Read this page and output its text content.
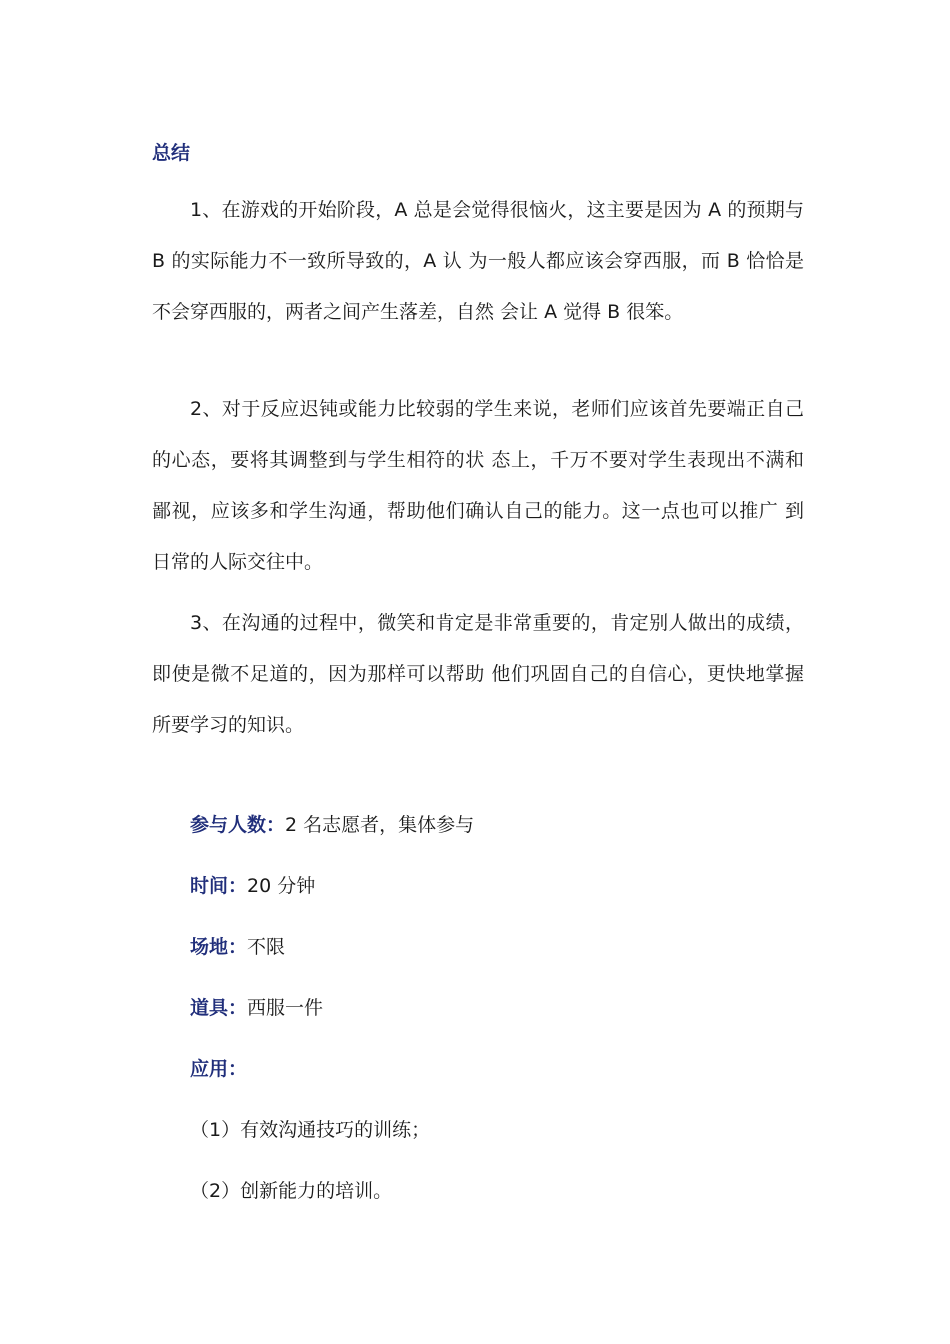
总结

1、在游戏的开始阶段，A 总是会觉得很恼火，这主要是因为 A 的预期与 B 的实际能力不一致所导致的，A 认 为一般人都应该会穿西服，而 B 恰恰是不会穿西服的，两者之间产生落差，自然 会让 A 觉得 B 很笨。

2、对于反应迟钝或能力比较弱的学生来说，老师们应该首先要端正自己的心态，要将其调整到与学生相符的状 态上，千万不要对学生表现出不满和鄙视，应该多和学生沟通，帮助他们确认自己的能力。这一点也可以推广 到日常的人际交往中。

3、在沟通的过程中，微笑和肯定是非常重要的，肯定别人做出的成绩，即使是微不足道的，因为那样可以帮助 他们巩固自己的自信心，更快地掌握所要学习的知识。

参与人数：2 名志愿者，集体参与

时间：20 分钟

场地：不限

道具：西服一件

应用：

（1）有效沟通技巧的训练；

（2）创新能力的培训。
